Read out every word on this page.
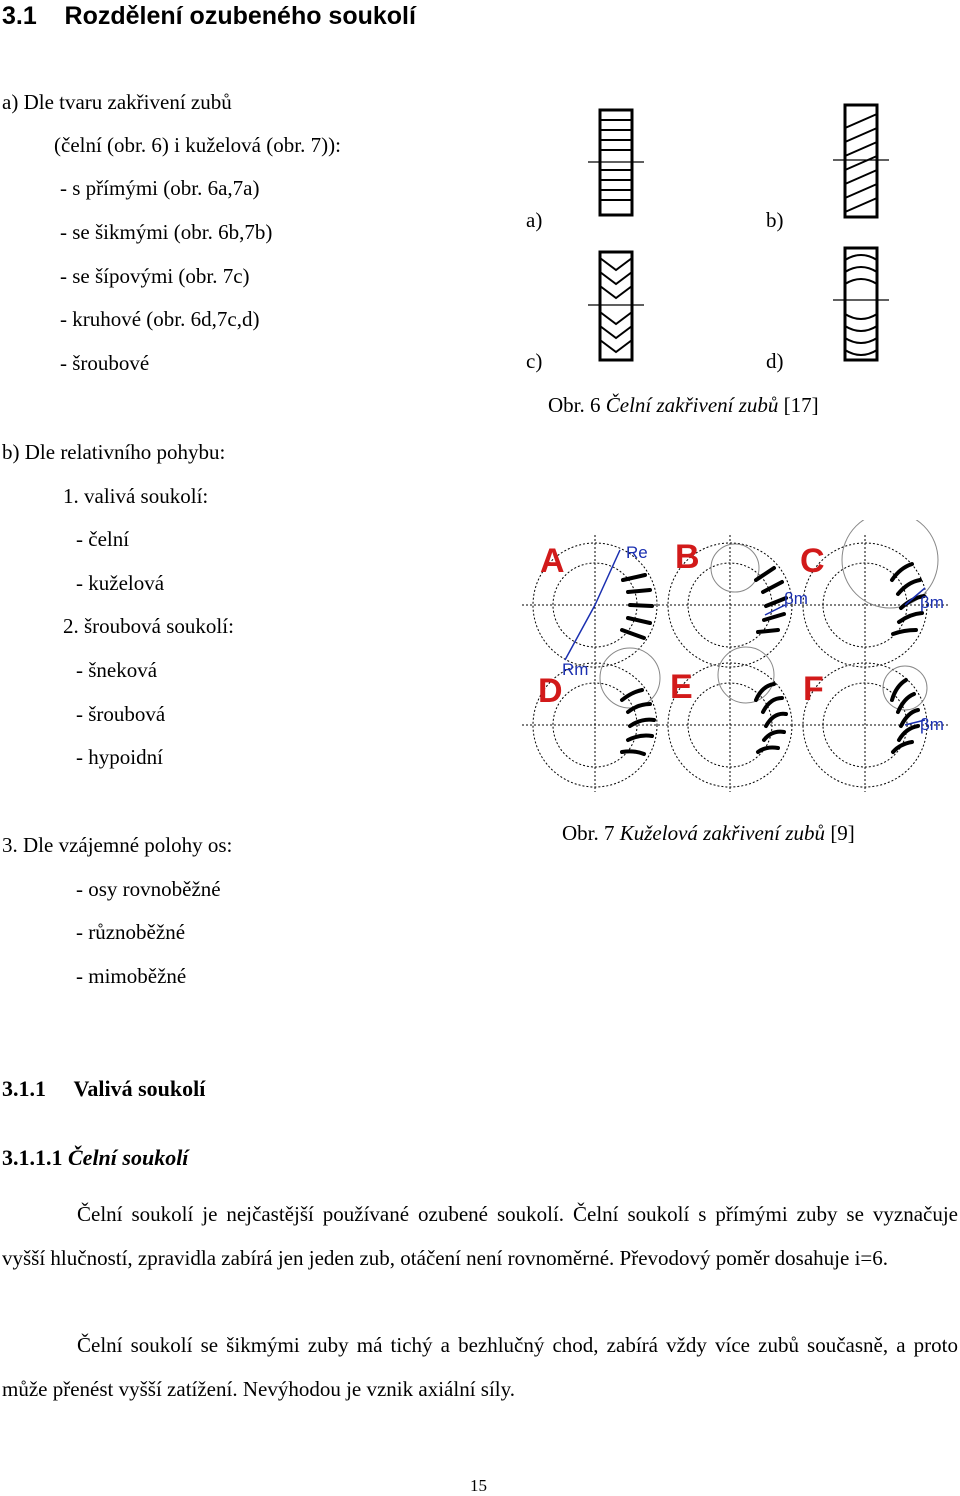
3.1    Rozdělení ozubeného soukolí
a) Dle tvaru zakřivení zubů
(čelní (obr. 6) i kuželová (obr. 7)):
- s přímými (obr. 6a,7a)
- se šikmými (obr. 6b,7b)
- se šípovými (obr. 7c)
- kruhové (obr. 6d,7c,d)
- šroubové
b) Dle relativního pohybu:
1. valivá soukolí:
- čelní
- kuželová
2. šroubová soukolí:
- šneková
- šroubová
- hypoidní
3. Dle vzájemné polohy os:
- osy rovnoběžné
- různoběžné
- mimoběžné
a)	b)
c)	d)
Obr. 6 Čelní zakřivení zubů [17]
A	B	C
D	E	F
Re
Rm
βm	βm
βm
Obr. 7 Kuželová zakřivení zubů [9]
3.1.1     Valivá soukolí
3.1.1.1 Čelní soukolí
Čelní soukolí je nejčastější používané ozubené soukolí. Čelní soukolí s přímými zuby se vyznačuje vyšší hlučností, zpravidla zabírá jen jeden zub, otáčení není rovnoměrné. Převodový poměr dosahuje i=6.
Čelní soukolí se šikmými zuby má tichý a bezhlučný chod, zabírá vždy více zubů současně, a proto může přenést vyšší zatížení. Nevýhodou je vznik axiální síly.
15
